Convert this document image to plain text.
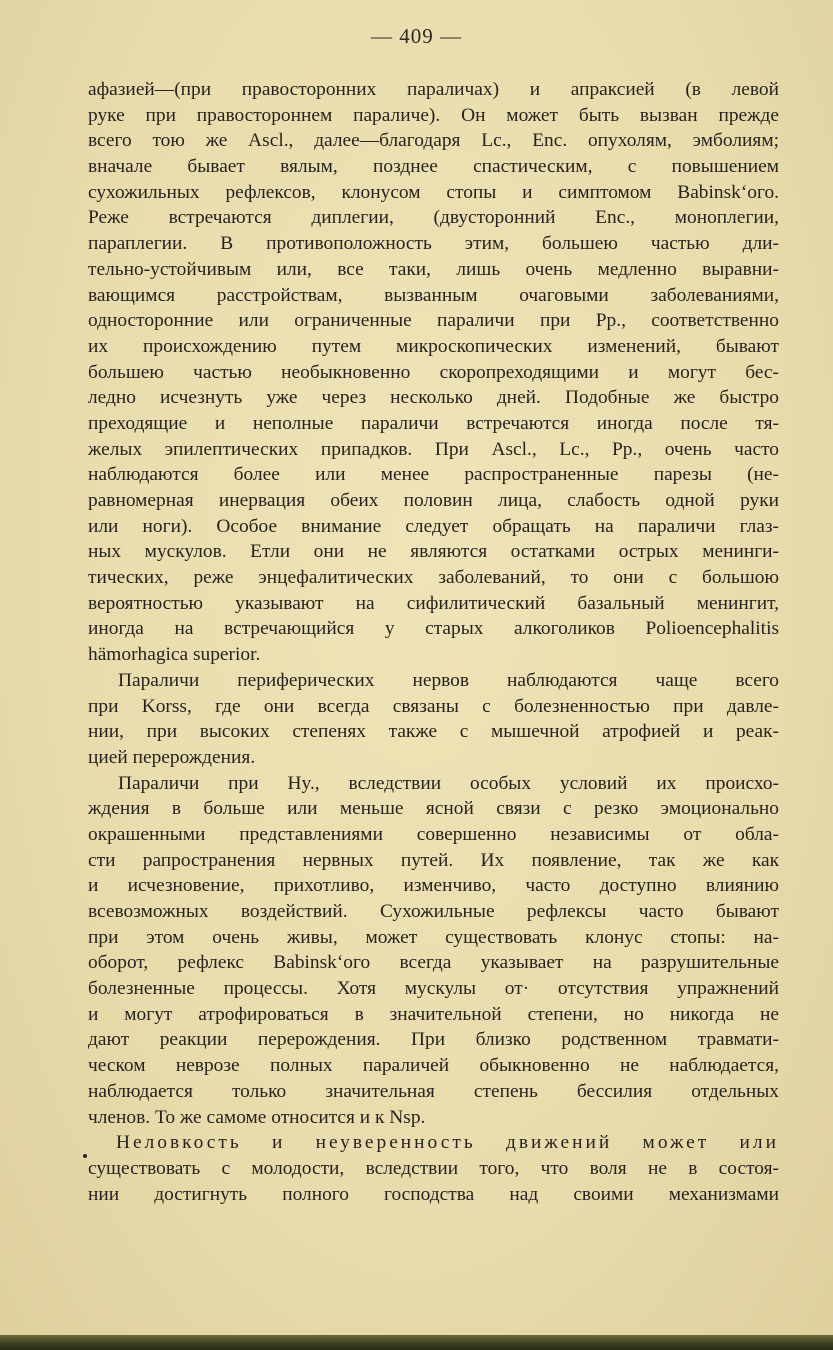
— 409 —
афазией—(при правосторонних параличах) и апраксией (в левой
руке при правостороннем параличе). Он может быть вызван прежде
всего тою же Ascl., далее—благодаря Lc., Enc. опухолям, эмболиям;
вначале бывает вялым, позднее спастическим, с повышением
сухожильных рефлексов, клонусом стопы и симптомом Babinsk‘ого.
Реже встречаются диплегии, (двусторонний Enc., моноплегии,
параплегии. В противоположность этим, большею частью дли-
тельно-устойчивым или, все таки, лишь очень медленно выравни-
вающимся расстройствам, вызванным очаговыми заболеваниями,
односторонние или ограниченные параличи при Pp., соответственно
их происхождению путем микроскопических изменений, бывают
большею частью необыкновенно скоропреходящими и могут бес-
ледно исчезнуть уже через несколько дней. Подобные же быстро
преходящие и неполные параличи встречаются иногда после тя-
желых эпилептических припадков. При Ascl., Lc., Pp., очень часто
наблюдаются более или менее распространенные парезы (не-
равномерная инервация обеих половин лица, слабость одной руки
или ноги). Особое внимание следует обращать на параличи глаз-
ных мускулов. Етли они не являются остатками острых менинги-
тических, реже энцефалитических заболеваний, то они с большою
вероятностью указывают на сифилитический базальный менингит,
иногда на встречающийся у старых алкоголиков Polioencephalitis
hämorhagica superior.
Параличи периферических нервов наблюдаются чаще всего
при Korss, где они всегда связаны с болезненностью при давле-
нии, при высоких степенях также с мышечной атрофией и реак-
цией перерождения.
Параличи при Hy., вследствии особых условий их происхо-
ждения в больше или меньше ясной связи с резко эмоционально
окрашенными представлениями совершенно независимы от обла-
сти рапространения нервных путей. Их появление, так же как
и исчезновение, прихотливо, изменчиво, часто доступно влиянию
всевозможных воздействий. Сухожильные рефлексы часто бывают
при этом очень живы, может существовать клонус стопы: на-
оборот, рефлекс Babinsk‘ого всегда указывает на разрушительные
болезненные процессы. Хотя мускулы от· отсутствия упражнений
и могут атрофироваться в значительной степени, но никогда не
дают реакции перерождения. При близко родственном травмати-
ческом неврозе полных параличей обыкновенно не наблюдается,
наблюдается только значительная степень бессилия отдельных
членов. То же самоме относится и к Nsp.
Неловкость и неуверенность движений может или
существовать с молодости, вследствии того, что воля не в состоя-
нии достигнуть полного господства над своими механизмами
